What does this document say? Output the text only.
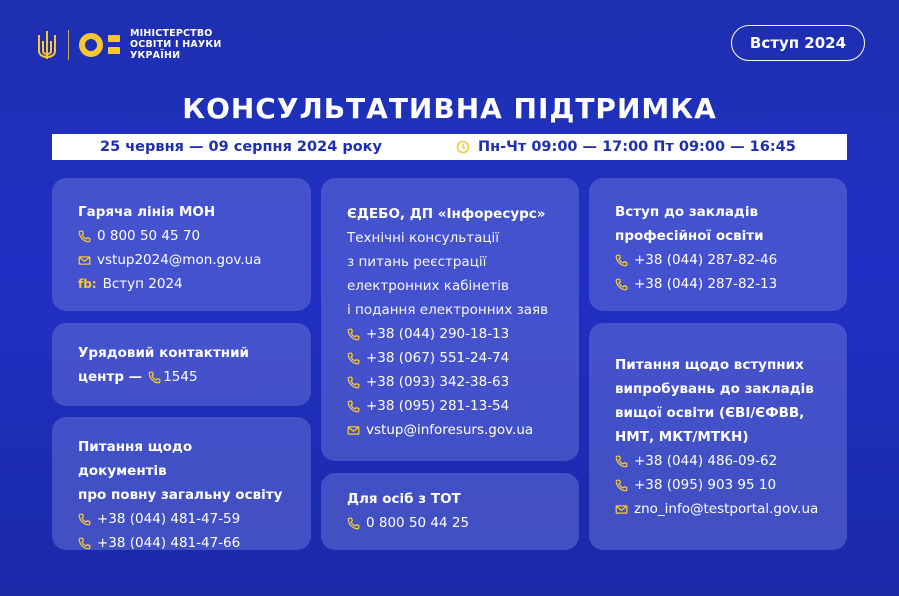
МІНІСТЕРСТВО
ОСВІТИ І НАУКИ
УКРАЇНИ
Вступ 2024
КОНСУЛЬТАТИВНА ПІДТРИМКА
25 червня — 09 серпня 2024 року	Пн-Чт 09:00 — 17:00 Пт 09:00 — 16:45
Гаряча лінія МОН
0 800 50 45 70
vstup2024@mon.gov.ua
fb: Вступ 2024
Урядовий контактний
центр — 1545
Питання щодо документів
про повну загальну освіту
+38 (044) 481-47-59
+38 (044) 481-47-66
ЄДЕБО, ДП «Інфоресурс»
Технічні консультації
з питань реєстрації
електронних кабінетів
і подання електронних заяв
+38 (044) 290-18-13
+38 (067) 551-24-74
+38 (093) 342-38-63
+38 (095) 281-13-54
vstup@inforesurs.gov.ua
Для осіб з ТОТ
0 800 50 44 25
Вступ до закладів
професійної освіти
+38 (044) 287-82-46
+38 (044) 287-82-13
Питання щодо вступних
випробувань до закладів
вищої освіти (ЄВІ/ЄФВВ,
НМТ, МКТ/МТКН)
+38 (044) 486-09-62
+38 (095) 903 95 10
zno_info@testportal.gov.ua
